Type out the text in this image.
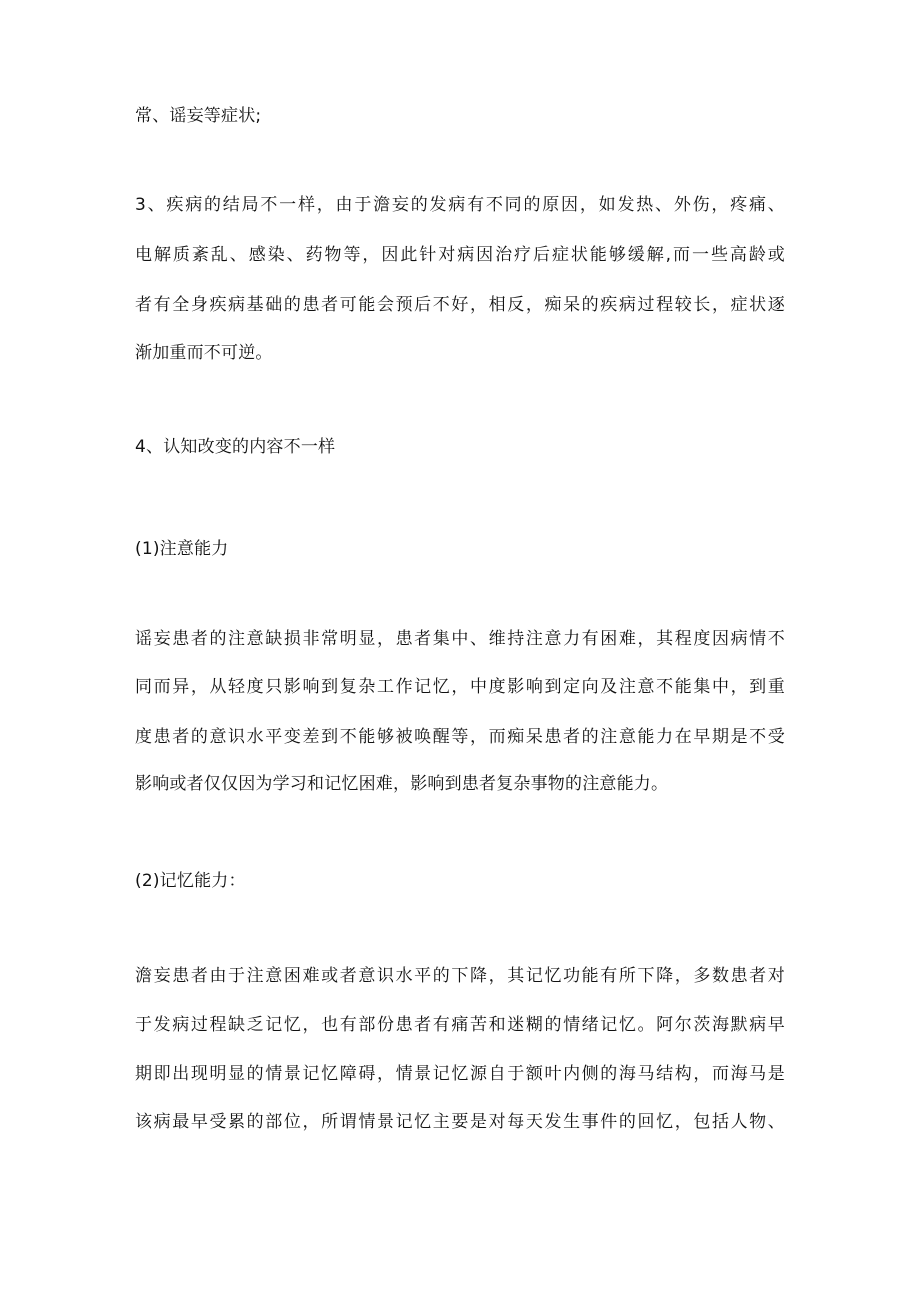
常、谣妄等症状;
3、疾病的结局不一样，由于澹妄的发病有不同的原因，如发热、外伤，疼痛、
电解质紊乱、感染、药物等，因此针对病因治疗后症状能够缓解,而一些高龄或
者有全身疾病基础的患者可能会预后不好，相反，痴呆的疾病过程较长，症状逐
渐加重而不可逆。
4、认知改变的内容不一样
(1)注意能力
谣妄患者的注意缺损非常明显，患者集中、维持注意力有困难，其程度因病情不
同而异，从轻度只影响到复杂工作记忆，中度影响到定向及注意不能集中，到重
度患者的意识水平变差到不能够被唤醒等，而痴呆患者的注意能力在早期是不受
影响或者仅仅因为学习和记忆困难，影响到患者复杂事物的注意能力。
(2)记忆能力：
澹妄患者由于注意困难或者意识水平的下降，其记忆功能有所下降，多数患者对
于发病过程缺乏记忆，也有部份患者有痛苦和迷糊的情绪记忆。阿尔茨海默病早
期即出现明显的情景记忆障碍，情景记忆源自于额叶内侧的海马结构，而海马是
该病最早受累的部位，所谓情景记忆主要是对每天发生事件的回忆，包括人物、
